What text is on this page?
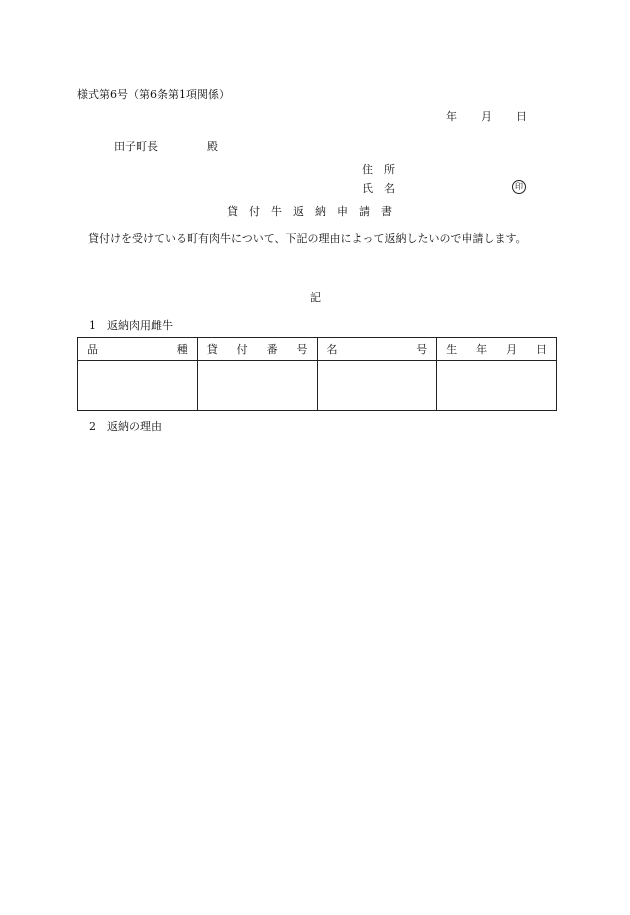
様式第6号（第6条第1項関係）
年 月 日
田子町長	殿
住　所
氏　名	印
貸　付　牛　返　納　申　請　書
　貸付けを受けている町有肉牛について、下記の理由によって返納したいので申請します。
記
1　返納肉用雌牛
品 種	貸 付 番 号	名 号	生 年 月 日

2　返納の理由
